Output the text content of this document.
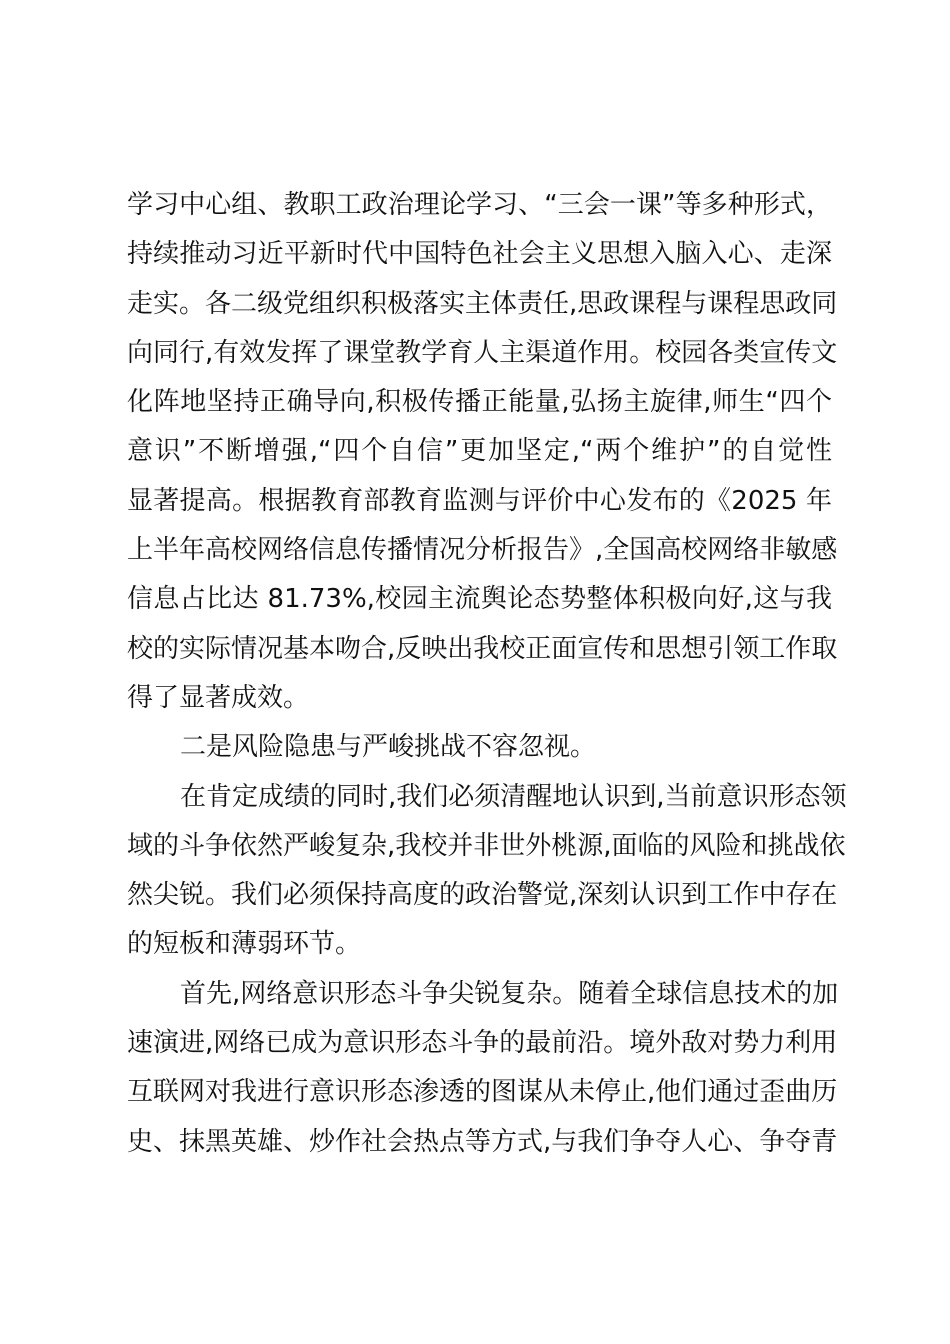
学习中心组、教职工政治理论学习、“三会一课”等多种形式，
持续推动习近平新时代中国特色社会主义思想入脑入心、走深
走实。各二级党组织积极落实主体责任,思政课程与课程思政同
向同行,有效发挥了课堂教学育人主渠道作用。校园各类宣传文
化阵地坚持正确导向,积极传播正能量,弘扬主旋律,师生“四个
意识”不断增强,“四个自信”更加坚定,“两个维护”的自觉性
显著提高。根据教育部教育监测与评价中心发布的《2025 年
上半年高校网络信息传播情况分析报告》,全国高校网络非敏感
信息占比达 81.73%,校园主流舆论态势整体积极向好,这与我
校的实际情况基本吻合,反映出我校正面宣传和思想引领工作取
得了显著成效。

二是风险隐患与严峻挑战不容忽视。

在肯定成绩的同时,我们必须清醒地认识到,当前意识形态领
域的斗争依然严峻复杂,我校并非世外桃源,面临的风险和挑战依
然尖锐。我们必须保持高度的政治警觉,深刻认识到工作中存在
的短板和薄弱环节。

首先,网络意识形态斗争尖锐复杂。随着全球信息技术的加
速演进,网络已成为意识形态斗争的最前沿。境外敌对势力利用
互联网对我进行意识形态渗透的图谋从未停止,他们通过歪曲历
史、抹黑英雄、炒作社会热点等方式,与我们争夺人心、争夺青
